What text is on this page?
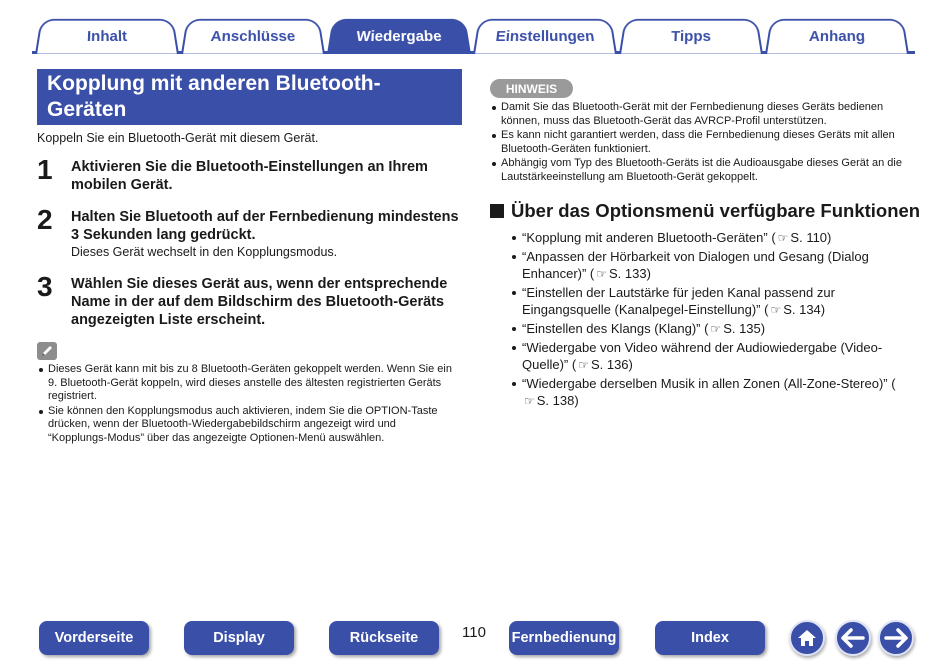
Inhalt	Anschlüsse	Wiedergabe	Einstellungen	Tipps	Anhang
Kopplung mit anderen Bluetooth-Geräten
Koppeln Sie ein Bluetooth-Gerät mit diesem Gerät.
1 Aktivieren Sie die Bluetooth-Einstellungen an Ihrem mobilen Gerät.
2 Halten Sie Bluetooth auf der Fernbedienung mindestens 3 Sekunden lang gedrückt.
Dieses Gerät wechselt in den Kopplungsmodus.
3 Wählen Sie dieses Gerät aus, wenn der entsprechende Name in der auf dem Bildschirm des Bluetooth-Geräts angezeigten Liste erscheint.
Dieses Gerät kann mit bis zu 8 Bluetooth-Geräten gekoppelt werden. Wenn Sie ein 9. Bluetooth-Gerät koppeln, wird dieses anstelle des ältesten registrierten Geräts registriert.
Sie können den Kopplungsmodus auch aktivieren, indem Sie die OPTION-Taste drücken, wenn der Bluetooth-Wiedergabebildschirm angezeigt wird und “Kopplungs-Modus” über das angezeigte Optionen-Menü auswählen.
HINWEIS
Damit Sie das Bluetooth-Gerät mit der Fernbedienung dieses Geräts bedienen können, muss das Bluetooth-Gerät das AVRCP-Profil unterstützen.
Es kann nicht garantiert werden, dass die Fernbedienung dieses Geräts mit allen Bluetooth-Geräten funktioniert.
Abhängig vom Typ des Bluetooth-Geräts ist die Audioausgabe dieses Gerät an die Lautstärkeeinstellung am Bluetooth-Gerät gekoppelt.
Über das Optionsmenü verfügbare Funktionen
“Kopplung mit anderen Bluetooth-Geräten” ( ☞ S. 110)
“Anpassen der Hörbarkeit von Dialogen und Gesang (Dialog Enhancer)” ( ☞ S. 133)
“Einstellen der Lautstärke für jeden Kanal passend zur Eingangsquelle (Kanalpegel-Einstellung)” ( ☞ S. 134)
“Einstellen des Klangs (Klang)” ( ☞ S. 135)
“Wiedergabe von Video während der Audiowiedergabe (Video-Quelle)” ( ☞ S. 136)
“Wiedergabe derselben Musik in allen Zonen (All-Zone-Stereo)” (☞ S. 138)
Vorderseite	Display	Rückseite	110 Fernbedienung	Index
